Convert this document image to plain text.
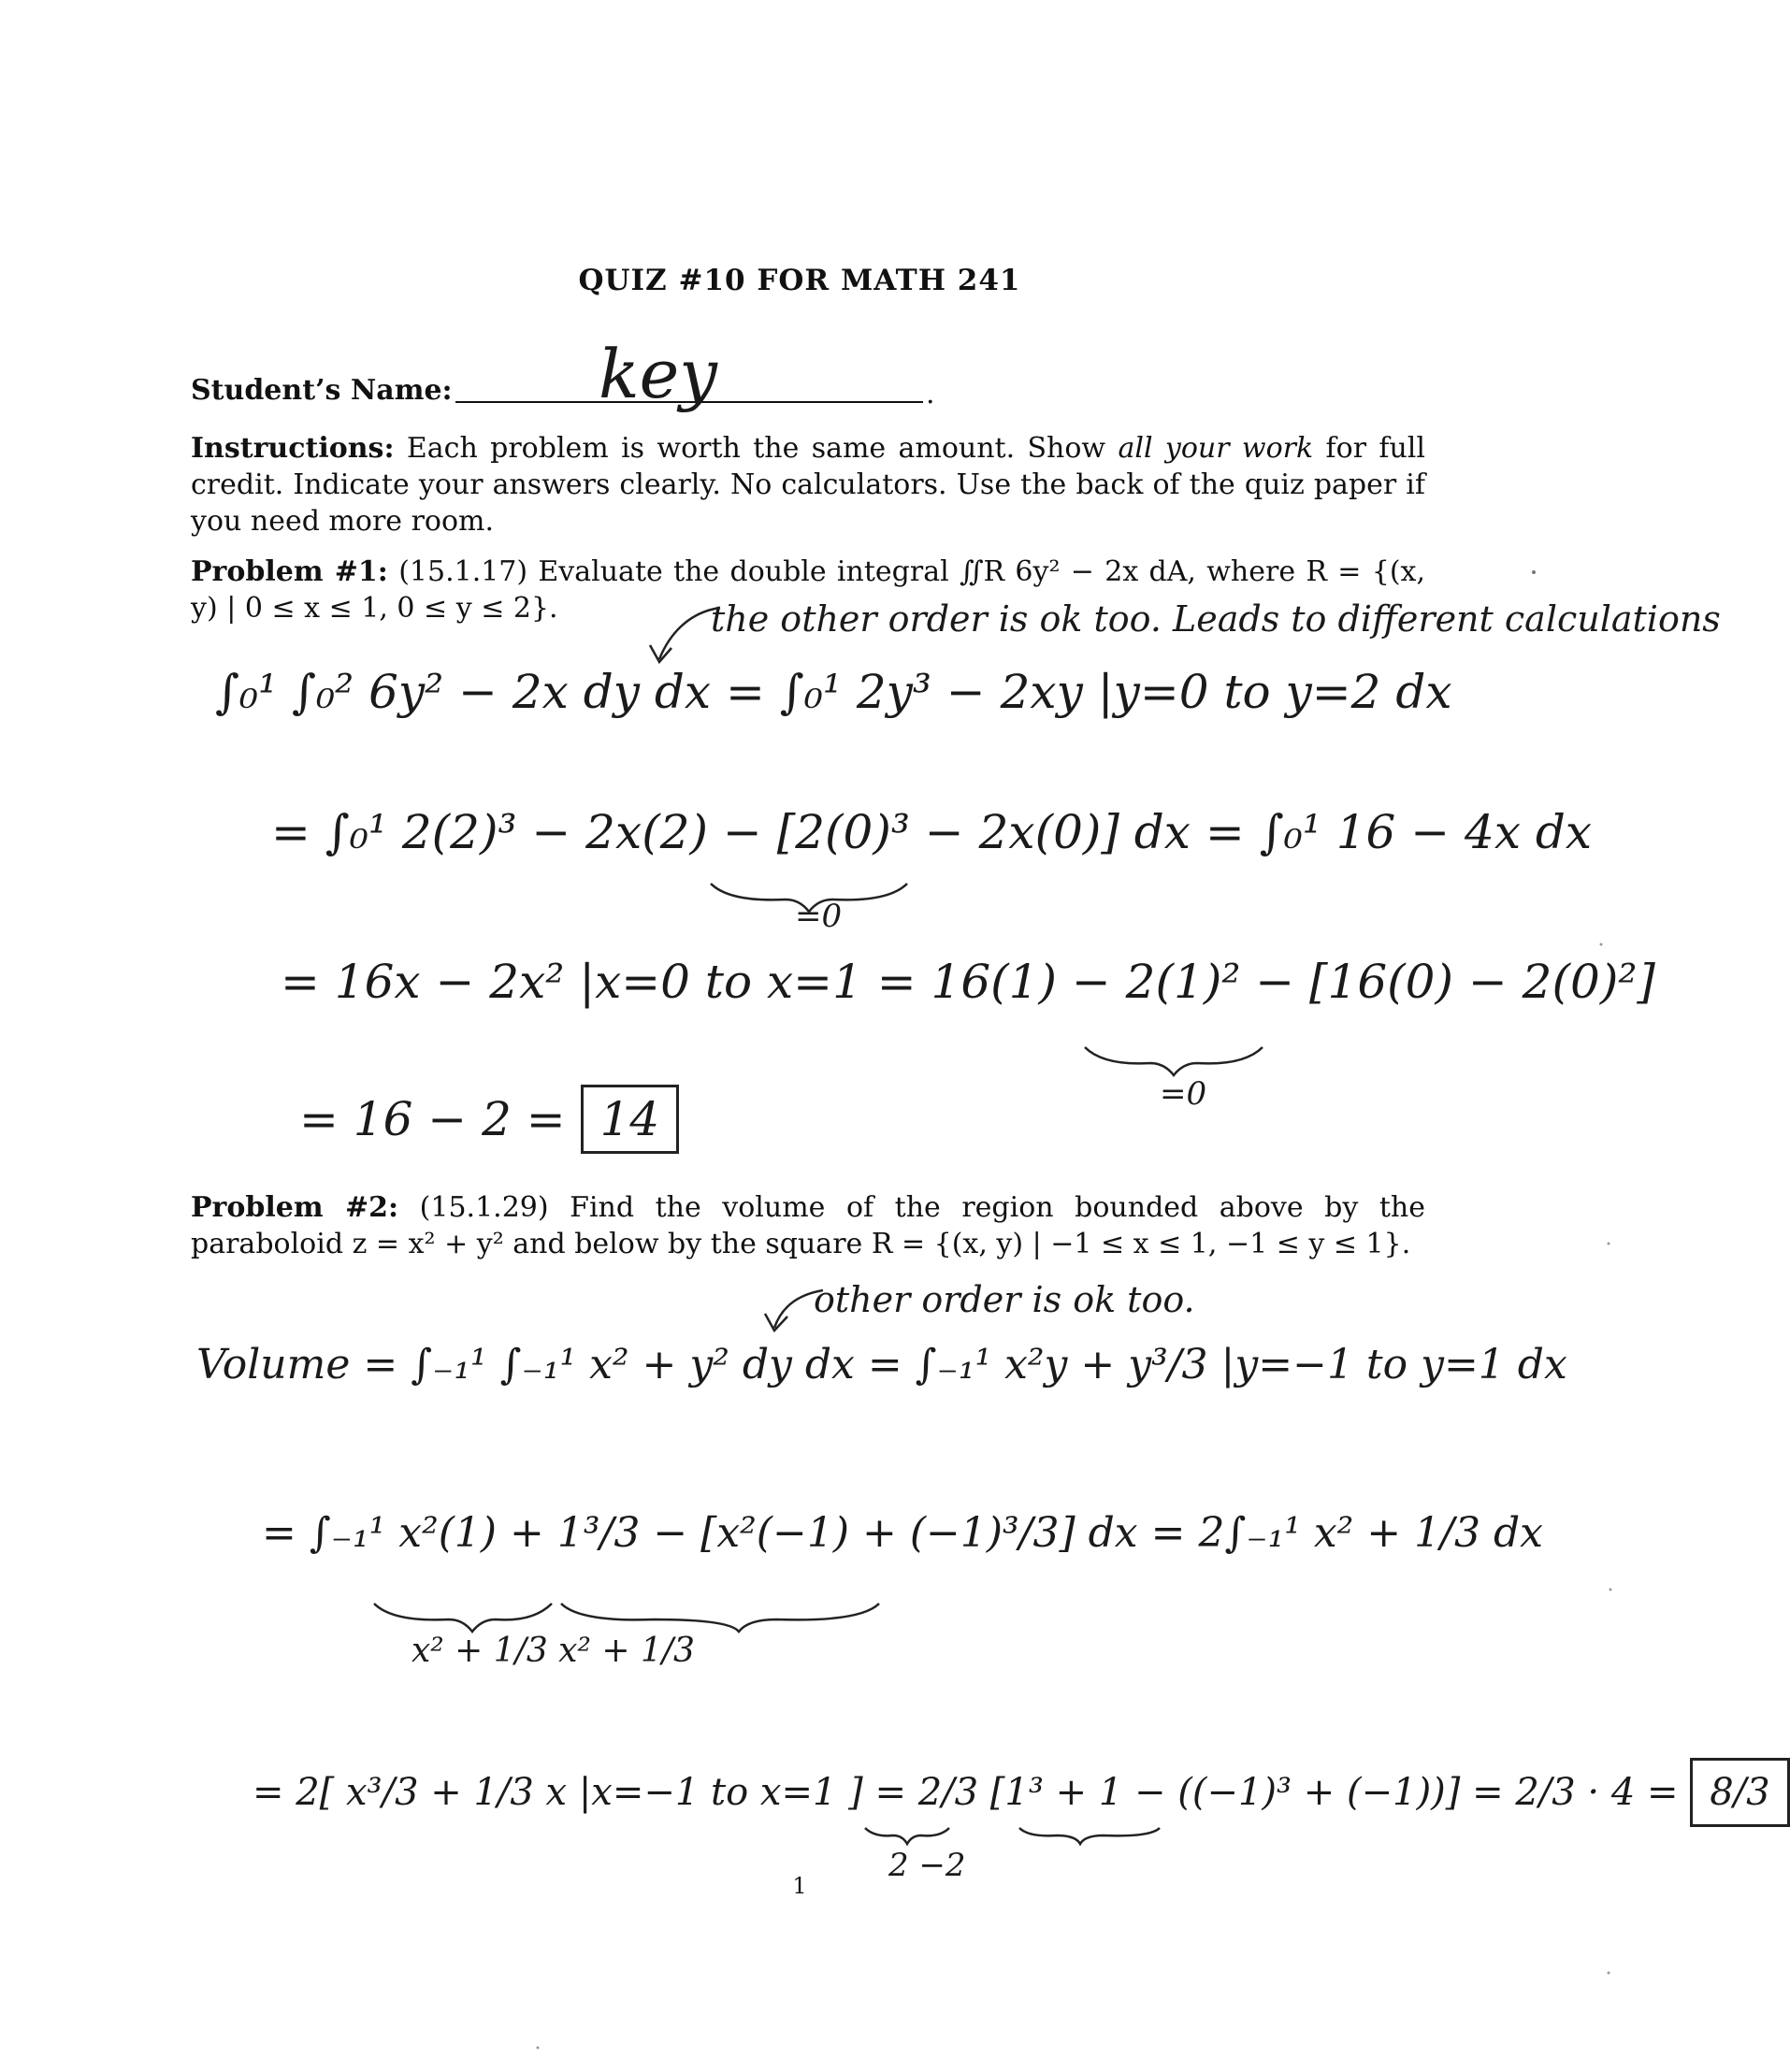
QUIZ #10 FOR MATH 241
Student’s Name:	.
key
Instructions: Each problem is worth the same amount. Show all your work for full credit. Indicate your answers clearly. No calculators. Use the back of the quiz paper if you need more room.
Problem #1: (15.1.17) Evaluate the double integral ∬R 6y² − 2x dA, where R = {(x, y) | 0 ≤ x ≤ 1, 0 ≤ y ≤ 2}.	the other order is ok too. Leads to different calculations
∫₀¹ ∫₀² 6y² − 2x dy dx = ∫₀¹ 2y³ − 2xy |y=0 to y=2 dx
= ∫₀¹ 2(2)³ − 2x(2) − [2(0)³ − 2x(0)] dx = ∫₀¹ 16 − 4x dx
=0
= 16x − 2x² |x=0 to x=1 = 16(1) − 2(1)² − [16(0) − 2(0)²]
=0
= 16 − 2 = 14
Problem #2: (15.1.29) Find the volume of the region bounded above by the paraboloid z = x² + y² and below by the square R = {(x, y) | −1 ≤ x ≤ 1, −1 ≤ y ≤ 1}.
other order is ok too.
Volume = ∫₋₁¹ ∫₋₁¹ x² + y² dy dx = ∫₋₁¹ x²y + y³/3 |y=−1 to y=1 dx
= ∫₋₁¹ x²(1) + 1³/3 − [x²(−1) + (−1)³/3] dx = 2∫₋₁¹ x² + 1/3 dx
x² + 1/3 x² + 1/3
= 2[ x³/3 + 1/3 x |x=−1 to x=1 ] = 2/3 [1³ + 1 − ((−1)³ + (−1))] = 2/3 · 4 = 8/3
2 −2
1
